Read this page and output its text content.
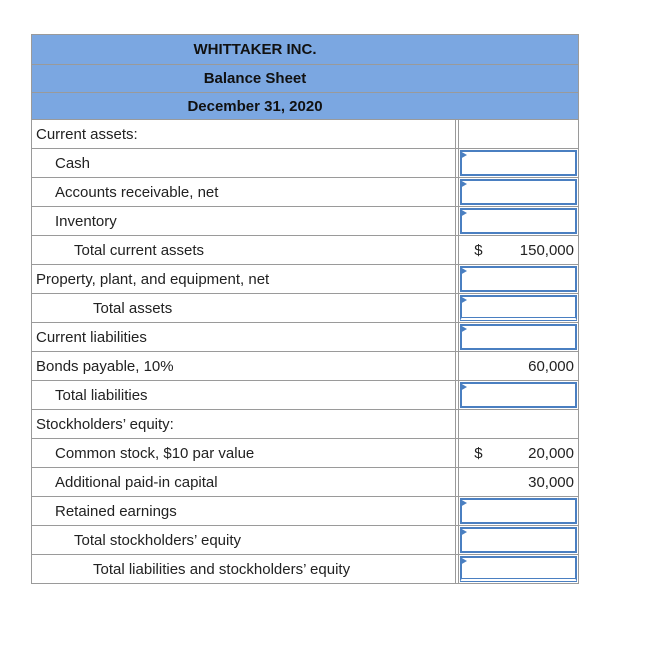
WHITTAKER INC.
Balance Sheet
December 31, 2020
Current assets:
Cash
Accounts receivable, net
Inventory
Total current assets	$ 150,000
Property, plant, and equipment, net
Total assets
Current liabilities
Bonds payable, 10%	60,000
Total liabilities
Stockholders’ equity:
Common stock, $10 par value	$	20,000
Additional paid-in capital	30,000
Retained earnings
Total stockholders’ equity
Total liabilities and stockholders’ equity
